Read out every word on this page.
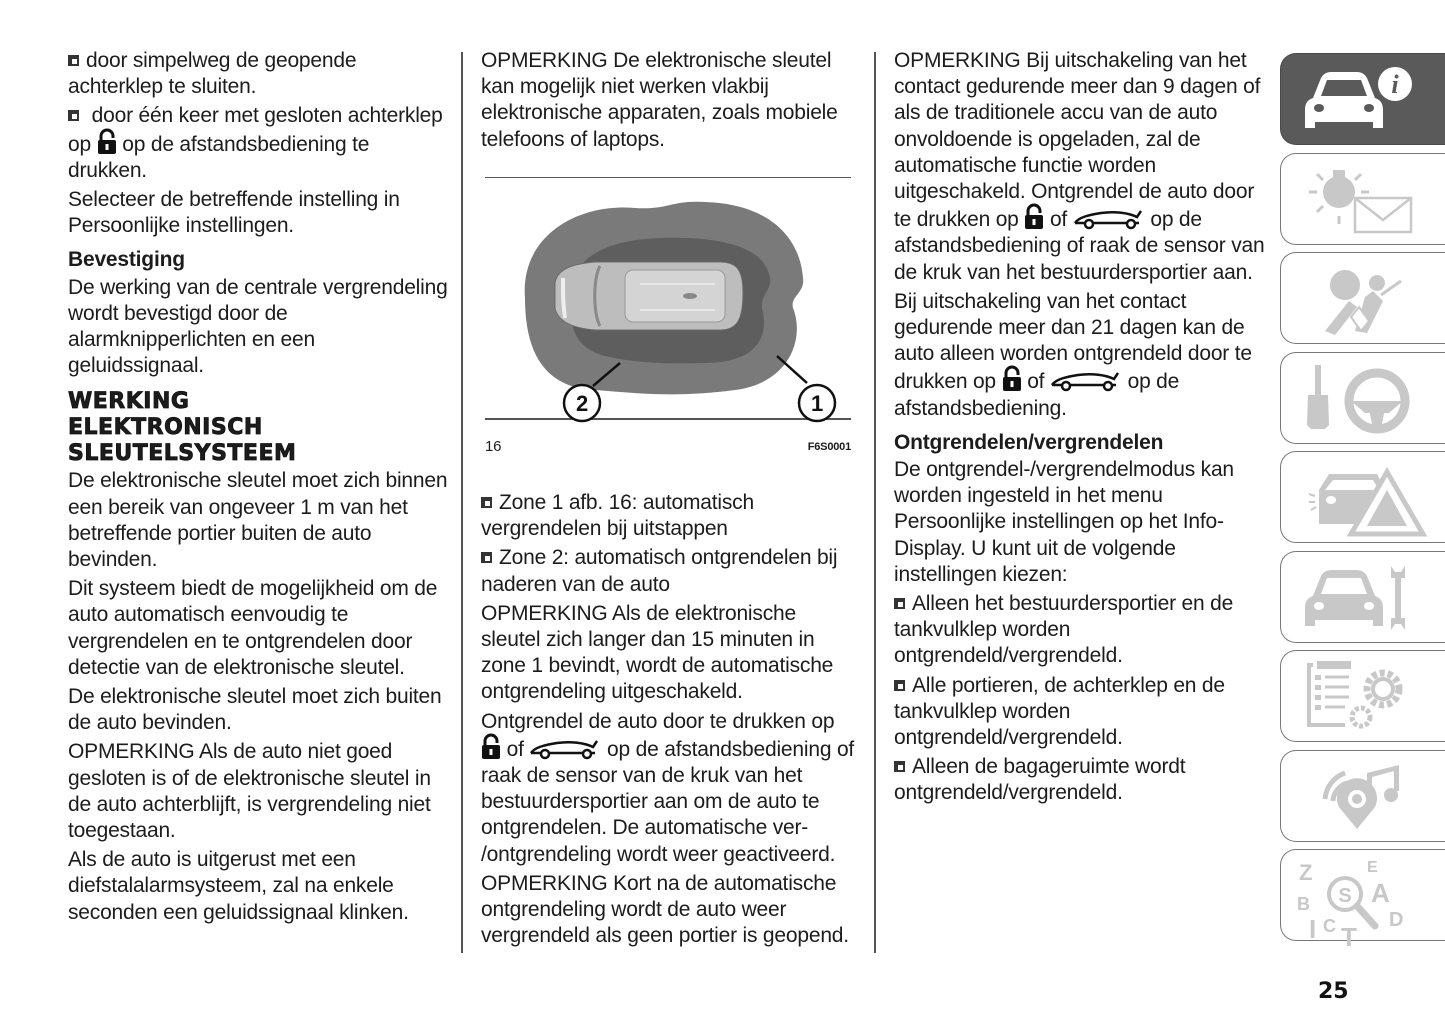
door simpelweg de geopende achterklep te sluiten.

door één keer met gesloten achterklep op op de afstandsbediening te drukken.

Selecteer de betreffende instelling in Persoonlijke instellingen.

Bevestiging

De werking van de centrale vergrendeling wordt bevestigd door de alarmknipperlichten en een geluidssignaal.

WERKING
ELEKTRONISCH
SLEUTELSYSTEEM

De elektronische sleutel moet zich binnen een bereik van ongeveer 1 m van het betreffende portier buiten de auto bevinden.

Dit systeem biedt de mogelijkheid om de auto automatisch eenvoudig te vergrendelen en te ontgrendelen door detectie van de elektronische sleutel.

De elektronische sleutel moet zich buiten de auto bevinden.

OPMERKING Als de auto niet goed gesloten is of de elektronische sleutel in de auto achterblijft, is vergrendeling niet toegestaan.

Als de auto is uitgerust met een diefstalalarmsysteem, zal na enkele seconden een geluidssignaal klinken.

OPMERKING De elektronische sleutel kan mogelijk niet werken vlakbij elektronische apparaten, zoals mobiele telefoons of laptops.

2	1
16	F6S0001

Zone 1 afb. 16: automatisch vergrendelen bij uitstappen

Zone 2: automatisch ontgrendelen bij naderen van de auto

OPMERKING Als de elektronische sleutel zich langer dan 15 minuten in zone 1 bevindt, wordt de automatische ontgrendeling uitgeschakeld.

Ontgrendel de auto door te drukken op  of	op de afstandsbediening of raak de sensor van de kruk van het bestuurdersportier aan om de auto te ontgrendelen. De automatische ver- /ontgrendeling wordt weer geactiveerd.

OPMERKING Kort na de automatische ontgrendeling wordt de auto weer vergrendeld als geen portier is geopend.

OPMERKING Bij uitschakeling van het contact gedurende meer dan 9 dagen of als de traditionele accu van de auto onvoldoende is opgeladen, zal de automatische functie worden uitgeschakeld. Ontgrendel de auto door te drukken op of	op de afstandsbediening of raak de sensor van de kruk van het bestuurdersportier aan.

Bij uitschakeling van het contact gedurende meer dan 21 dagen kan de auto alleen worden ontgrendeld door te drukken op of	op de afstandsbediening.

Ontgrendelen/vergrendelen

De ontgrendel-/vergrendelmodus kan worden ingesteld in het menu Persoonlijke instellingen op het Info-Display. U kunt uit de volgende instellingen kiezen:

Alleen het bestuurdersportier en de tankvulklep worden ontgrendeld/vergrendeld.

Alle portieren, de achterklep en de tankvulklep worden ontgrendeld/vergrendeld.

Alleen de bagageruimte wordt ontgrendeld/vergrendeld.

i
Z
B
I C T
E
A
D
S
25
